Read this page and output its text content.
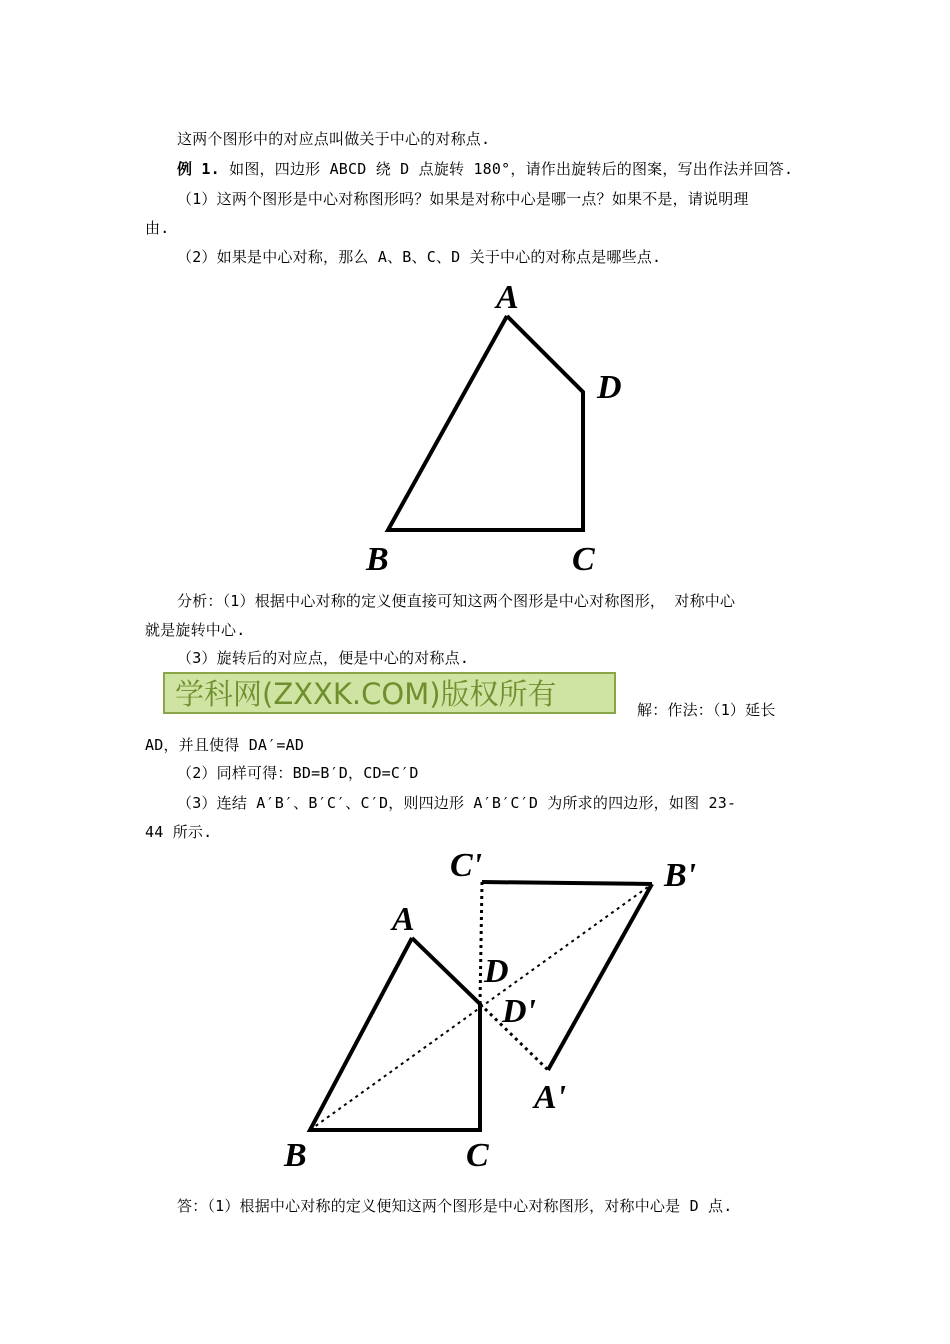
这两个图形中的对应点叫做关于中心的对称点.
例 1. 如图，四边形 ABCD 绕 D 点旋转 180°，请作出旋转后的图案，写出作法并回答.
（1）这两个图形是中心对称图形吗？如果是对称中心是哪一点？如果不是，请说明理
由.
（2）如果是中心对称，那么 A、B、C、D 关于中心的对称点是哪些点.
A
D
B	C
分析：（1）根据中心对称的定义便直接可知这两个图形是中心对称图形， 对称中心
就是旋转中心.
（3）旋转后的对应点，便是中心的对称点.
学科网(ZXXK.COM)版权所有	解：作法：（1）延长
AD，并且使得 DA′=AD
（2）同样可得：BD=B′D，CD=C′D
（3）连结 A′B′、B′C′、C′D，则四边形 A′B′C′D 为所求的四边形，如图 23-
44 所示.
C'	B'
A
D
D'
A'
B	C
答：（1）根据中心对称的定义便知这两个图形是中心对称图形，对称中心是 D 点.
